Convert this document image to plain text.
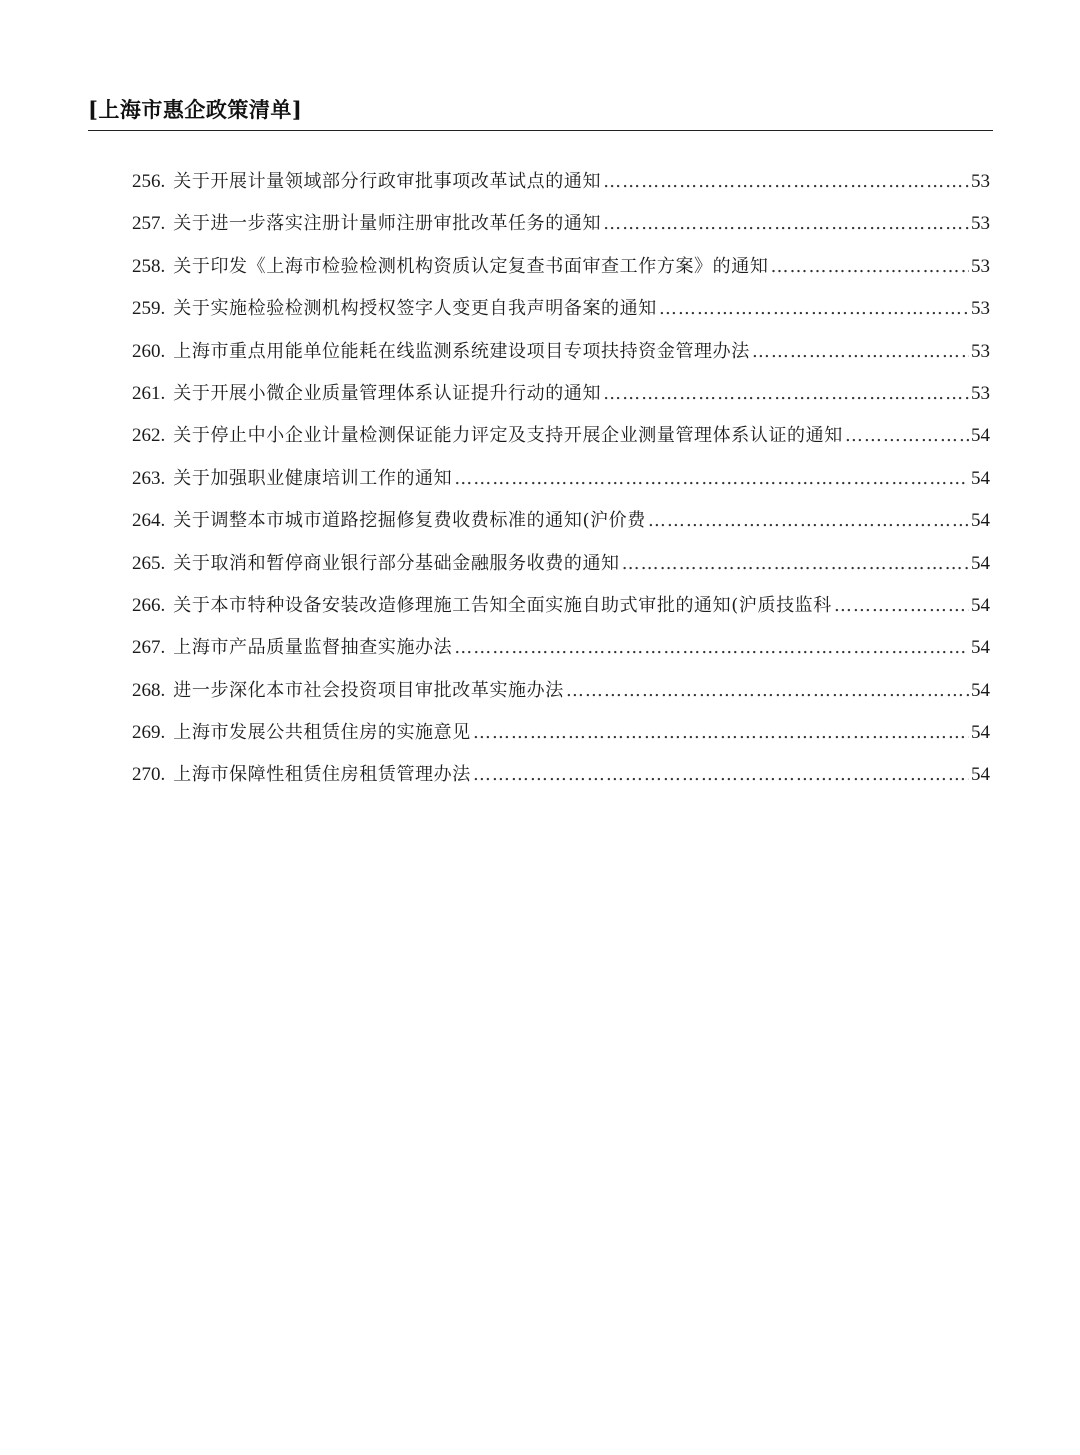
[上海市惠企政策清单]
256. 关于开展计量领域部分行政审批事项改革试点的通知 ……………………………………………………………………………………………………………………………………………………………………………………	53
257. 关于进一步落实注册计量师注册审批改革任务的通知 ……………………………………………………………………………………………………………………………………………………………………………………	53
258. 关于印发《上海市检验检测机构资质认定复查书面审查工作方案》的通知 ……………………………………………………………………………………………………………………………………………………………………………………	53
259. 关于实施检验检测机构授权签字人变更自我声明备案的通知 ……………………………………………………………………………………………………………………………………………………………………………………	53
260. 上海市重点用能单位能耗在线监测系统建设项目专项扶持资金管理办法 ……………………………………………………………………………………………………………………………………………………………………………………	53
261. 关于开展小微企业质量管理体系认证提升行动的通知 ……………………………………………………………………………………………………………………………………………………………………………………	53
262. 关于停止中小企业计量检测保证能力评定及支持开展企业测量管理体系认证的通知 ……………………………………………………………………………………………………………………………………………………………………………………	54
263. 关于加强职业健康培训工作的通知 ……………………………………………………………………………………………………………………………………………………………………………………	54
264. 关于调整本市城市道路挖掘修复费收费标准的通知(沪价费 ……………………………………………………………………………………………………………………………………………………………………………………	54
265. 关于取消和暂停商业银行部分基础金融服务收费的通知 ……………………………………………………………………………………………………………………………………………………………………………………	54
266. 关于本市特种设备安装改造修理施工告知全面实施自助式审批的通知(沪质技监科 ……………………………………………………………………………………………………………………………………………………………………………………	54
267. 上海市产品质量监督抽查实施办法 ……………………………………………………………………………………………………………………………………………………………………………………	54
268. 进一步深化本市社会投资项目审批改革实施办法 ……………………………………………………………………………………………………………………………………………………………………………………	54
269. 上海市发展公共租赁住房的实施意见 ……………………………………………………………………………………………………………………………………………………………………………………	54
270. 上海市保障性租赁住房租赁管理办法 ……………………………………………………………………………………………………………………………………………………………………………………	54
